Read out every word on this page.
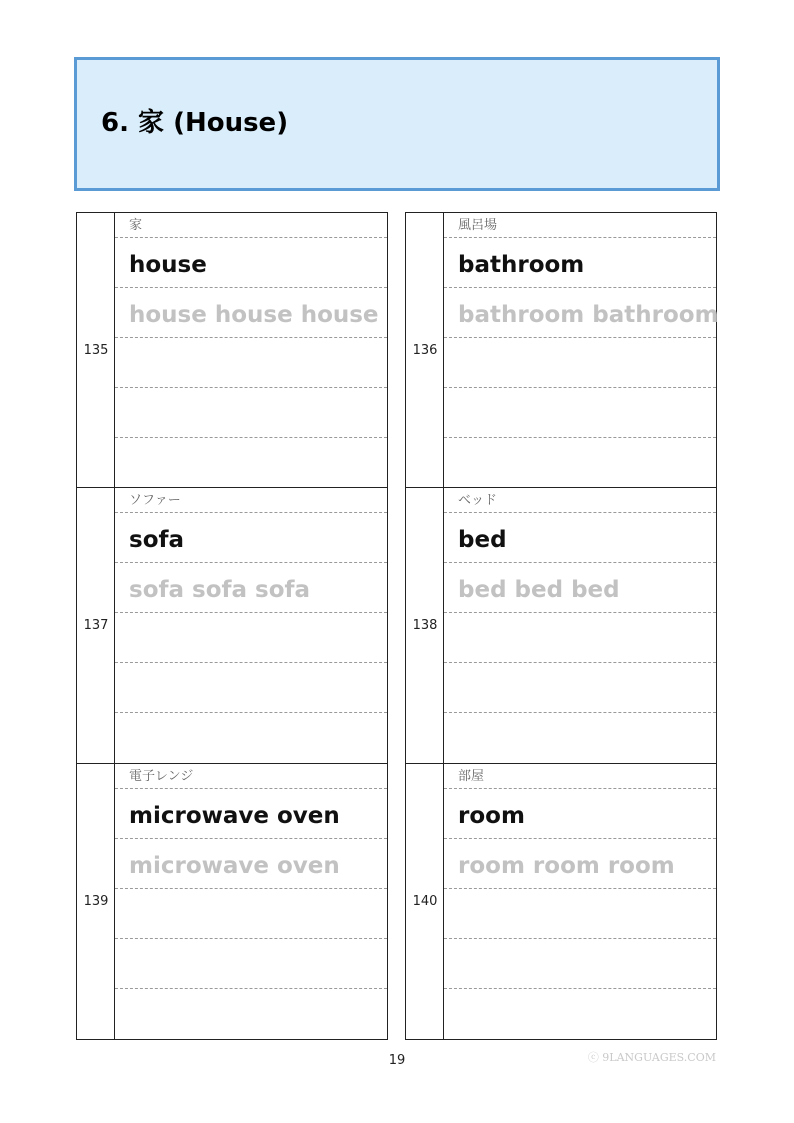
6. 家 (House)
135
家
house
house house house
136
風呂場
bathroom
bathroom bathroom
137
ソファー
sofa
sofa sofa sofa
138
ベッド
bed
bed bed bed
139
電子レンジ
microwave oven
microwave oven
140
部屋
room
room room room
19	ⓒ 9LANGUAGES.COM
